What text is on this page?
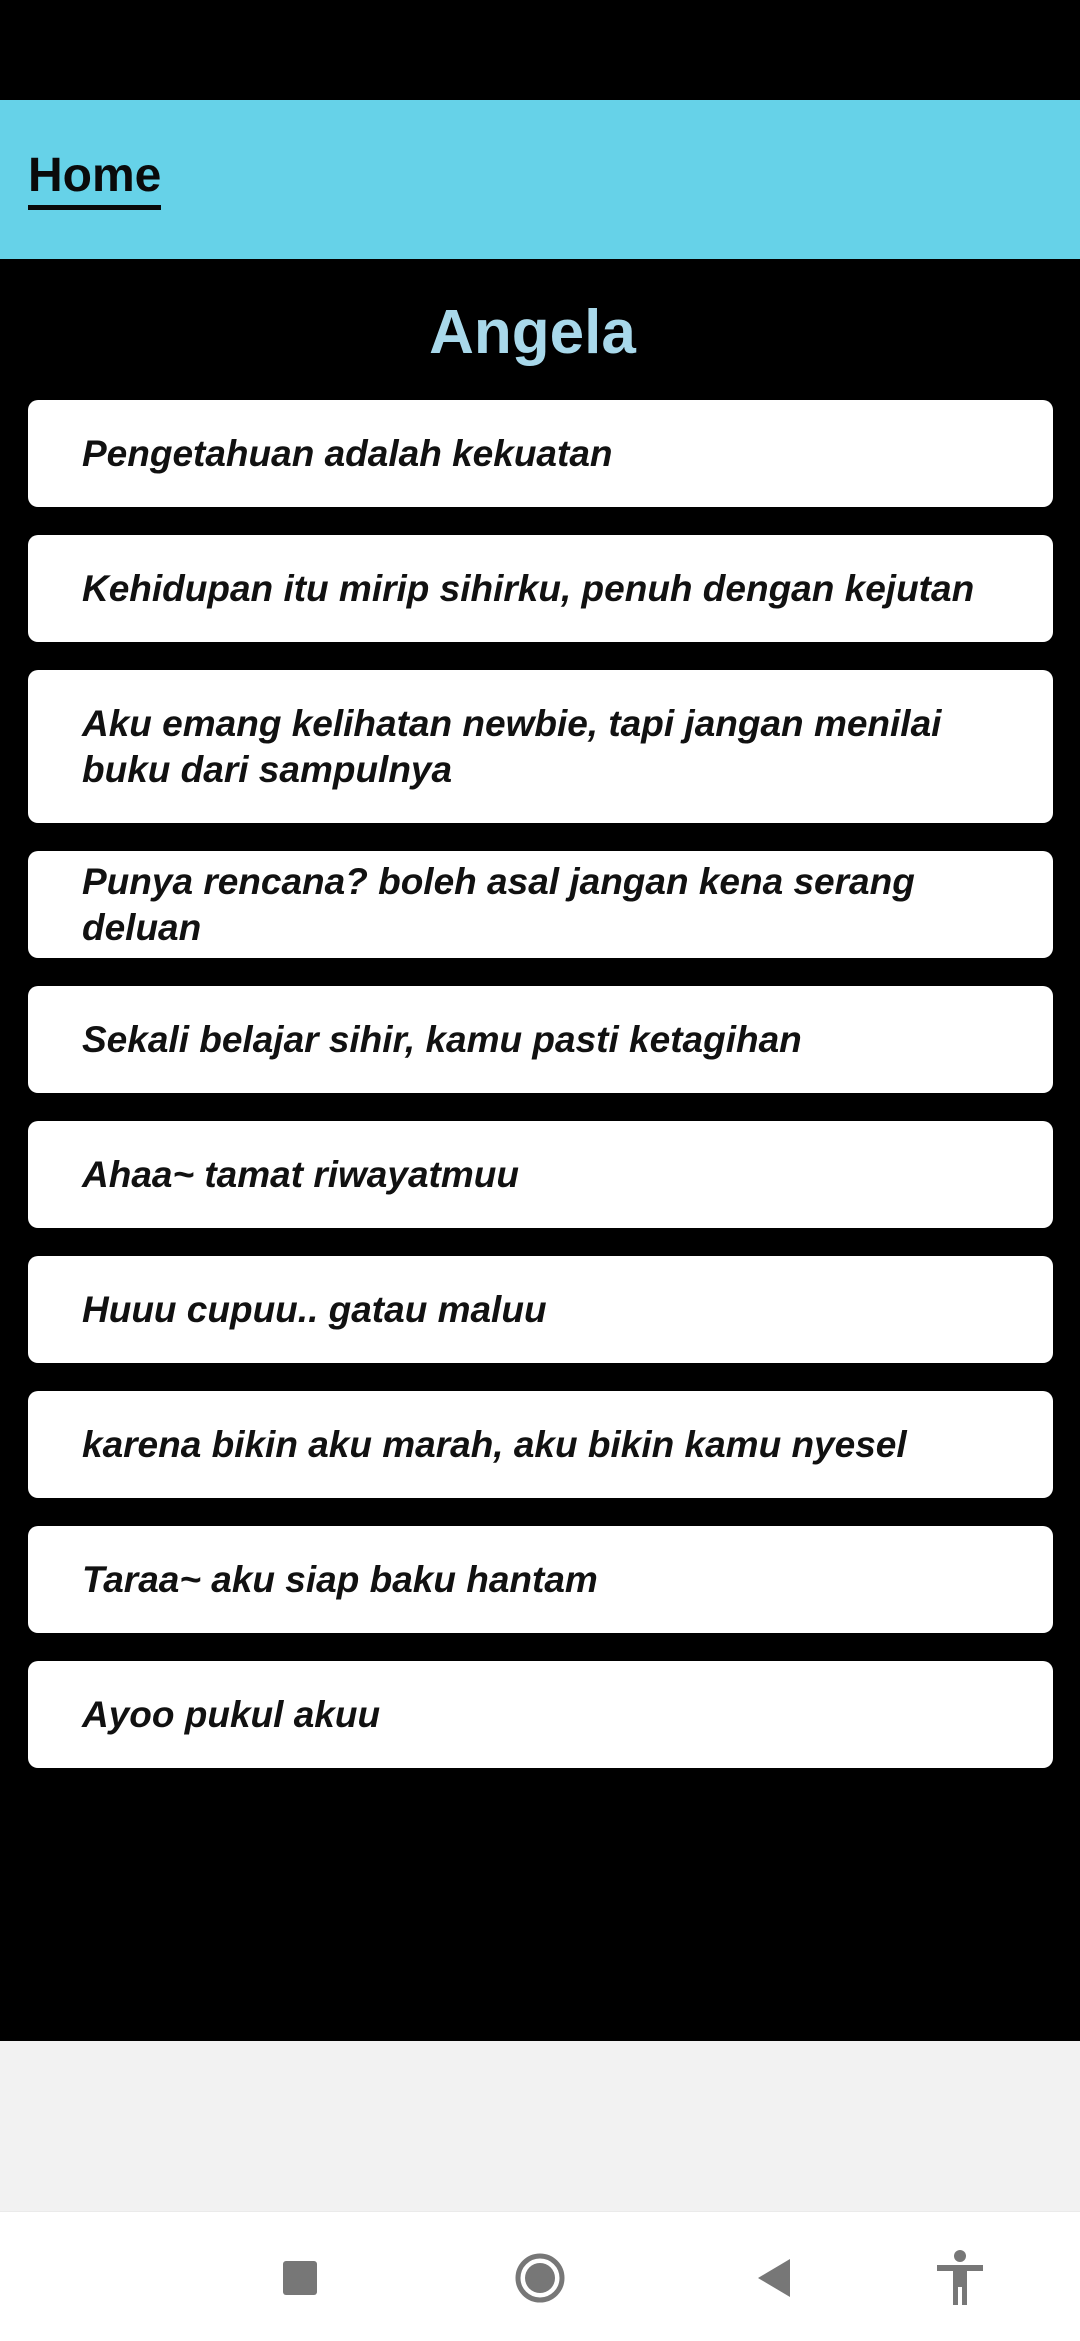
Home
Angela
Pengetahuan adalah kekuatan
Kehidupan itu mirip sihirku, penuh dengan kejutan
Aku emang kelihatan newbie, tapi jangan menilai buku dari sampulnya
Punya rencana? boleh asal jangan kena serang deluan
Sekali belajar sihir, kamu pasti ketagihan
Ahaa~ tamat riwayatmuu
Huuu cupuu.. gatau maluu
karena bikin aku marah, aku bikin kamu nyesel
Taraa~ aku siap baku hantam
Ayoo pukul akuu
